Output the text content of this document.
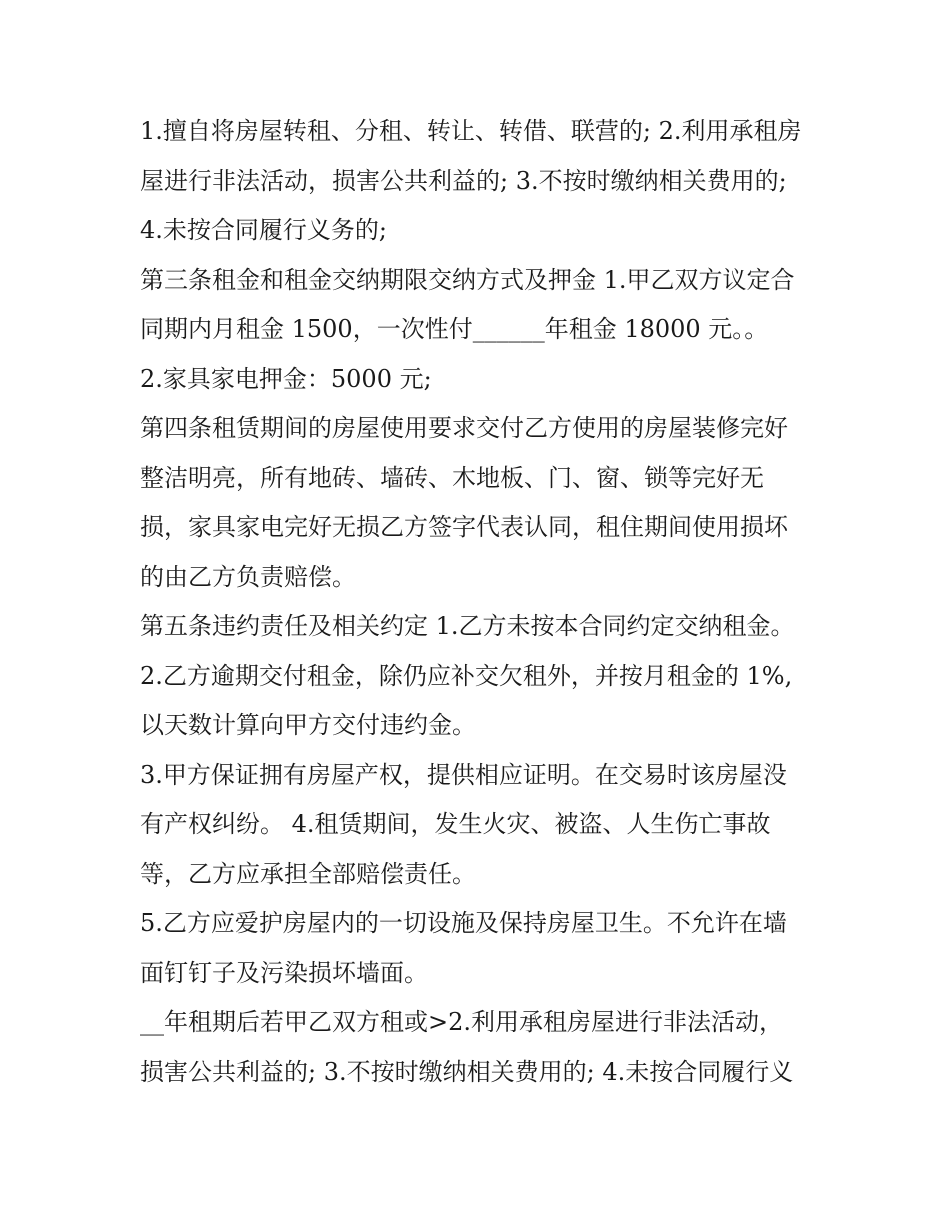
1.擅自将房屋转租、分租、转让、转借、联营的; 2.利用承租房
屋进行非法活动，损害公共利益的; 3.不按时缴纳相关费用的;
4.未按合同履行义务的;
第三条租金和租金交纳期限交纳方式及押金 1.甲乙双方议定合
同期内月租金 1500，一次性付______年租金 18000 元。。
2.家具家电押金：5000 元;
第四条租赁期间的房屋使用要求交付乙方使用的房屋装修完好
整洁明亮，所有地砖、墙砖、木地板、门、窗、锁等完好无
损，家具家电完好无损乙方签字代表认同，租住期间使用损坏
的由乙方负责赔偿。
第五条违约责任及相关约定 1.乙方未按本合同约定交纳租金。
2.乙方逾期交付租金，除仍应补交欠租外，并按月租金的 1%,
以天数计算向甲方交付违约金。
3.甲方保证拥有房屋产权，提供相应证明。在交易时该房屋没
有产权纠纷。 4.租赁期间，发生火灾、被盗、人生伤亡事故
等，乙方应承担全部赔偿责任。
5.乙方应爱护房屋内的一切设施及保持房屋卫生。不允许在墙
面钉钉子及污染损坏墙面。
__年租期后若甲乙双方租或>2.利用承租房屋进行非法活动，
损害公共利益的; 3.不按时缴纳相关费用的; 4.未按合同履行义
